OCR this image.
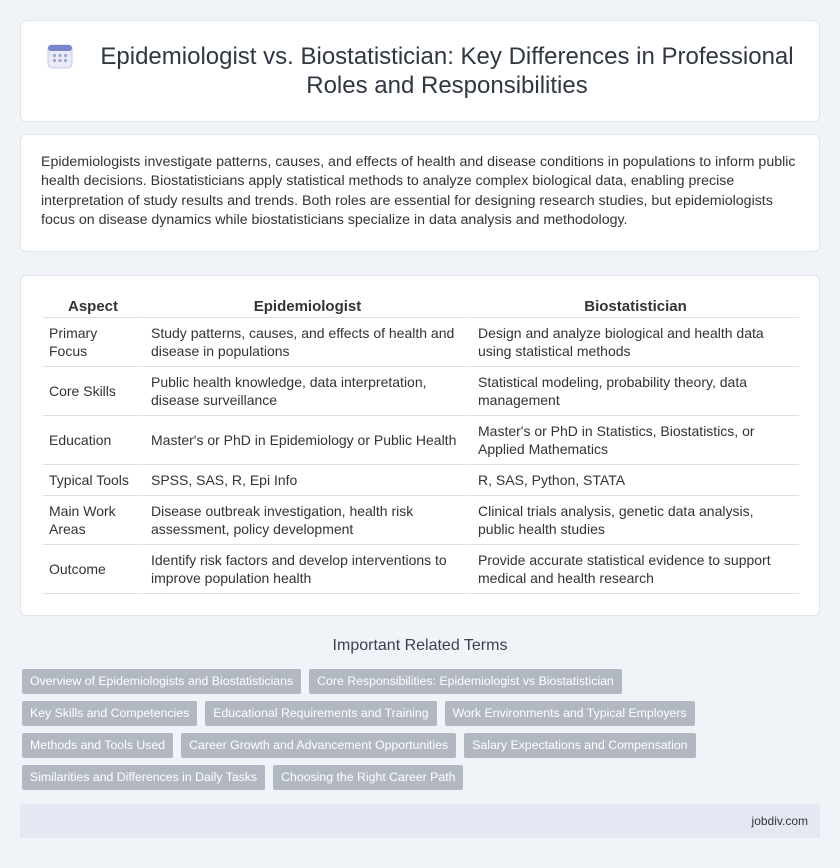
Epidemiologist vs. Biostatistician: Key Differences in Professional Roles and Responsibilities

Epidemiologists investigate patterns, causes, and effects of health and disease conditions in populations to inform public health decisions. Biostatisticians apply statistical methods to analyze complex biological data, enabling precise interpretation of study results and trends. Both roles are essential for designing research studies, but epidemiologists focus on disease dynamics while biostatisticians specialize in data analysis and methodology.

Aspect	Epidemiologist	Biostatistician
Primary Focus	Study patterns, causes, and effects of health and disease in populations	Design and analyze biological and health data using statistical methods
Core Skills	Public health knowledge, data interpretation, disease surveillance	Statistical modeling, probability theory, data management
Education	Master's or PhD in Epidemiology or Public Health	Master's or PhD in Statistics, Biostatistics, or Applied Mathematics
Typical Tools	SPSS, SAS, R, Epi Info	R, SAS, Python, STATA
Main Work Areas	Disease outbreak investigation, health risk assessment, policy development	Clinical trials analysis, genetic data analysis, public health studies
Outcome	Identify risk factors and develop interventions to improve population health	Provide accurate statistical evidence to support medical and health research
Important Related Terms
Overview of Epidemiologists and Biostatisticians	Core Responsibilities: Epidemiologist vs Biostatistician
Key Skills and Competencies	Educational Requirements and Training	Work Environments and Typical Employers
Methods and Tools Used	Career Growth and Advancement Opportunities	Salary Expectations and Compensation
Similarities and Differences in Daily Tasks	Choosing the Right Career Path
jobdiv.com
